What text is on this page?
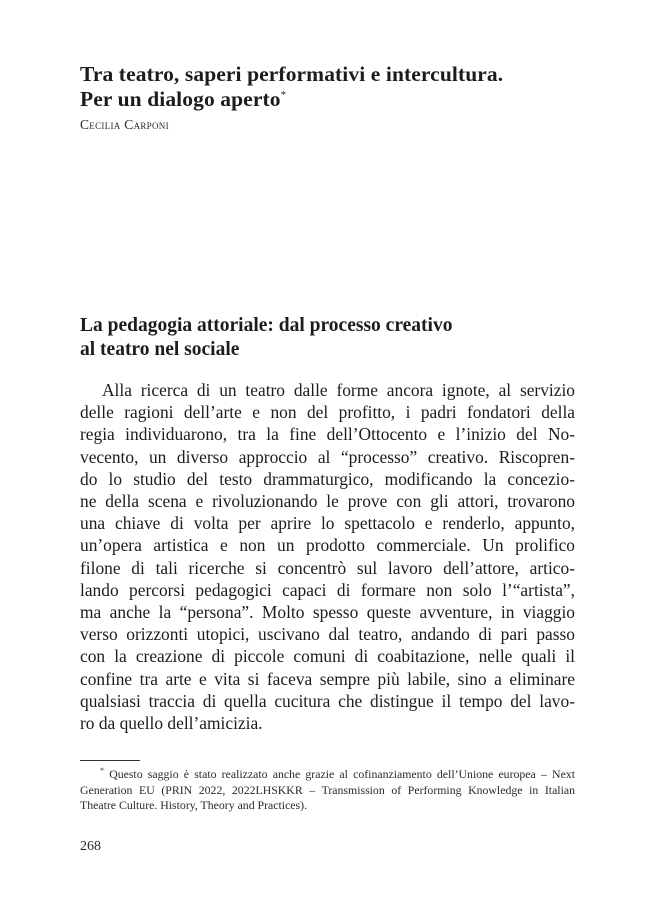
Tra teatro, saperi performativi e intercultura.
Per un dialogo aperto*
Cecilia Carponi
La pedagogia attoriale: dal processo creativo
al teatro nel sociale

Alla ricerca di un teatro dalle forme ancora ignote, al servizio
delle ragioni dell’arte e non del profitto, i padri fondatori della
regia individuarono, tra la fine dell’Ottocento e l’inizio del No-
vecento, un diverso approccio al “processo” creativo. Riscopren-
do lo studio del testo drammaturgico, modificando la concezio-
ne della scena e rivoluzionando le prove con gli attori, trovarono
una chiave di volta per aprire lo spettacolo e renderlo, appunto,
un’opera artistica e non un prodotto commerciale. Un prolifico
filone di tali ricerche si concentrò sul lavoro dell’attore, artico-
lando percorsi pedagogici capaci di formare non solo l’“artista”,
ma anche la “persona”. Molto spesso queste avventure, in viaggio
verso orizzonti utopici, uscivano dal teatro, andando di pari passo
con la creazione di piccole comuni di coabitazione, nelle quali il
confine tra arte e vita si faceva sempre più labile, sino a eliminare
qualsiasi traccia di quella cucitura che distingue il tempo del lavo-
ro da quello dell’amicizia.

* Questo saggio è stato realizzato anche grazie al cofinanziamento dell’Unione europea – Next
Generation EU (PRIN 2022, 2022LHSKKR – Transmission of Performing Knowledge in Italian
Theatre Culture. History, Theory and Practices).
268
